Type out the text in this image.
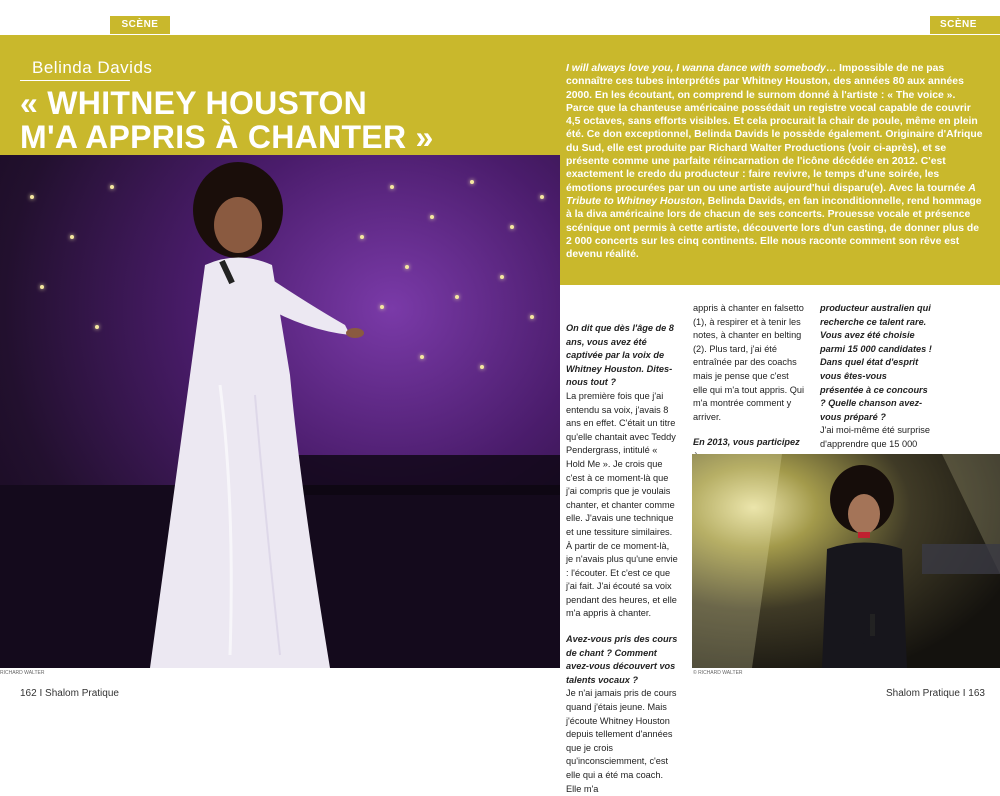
SCÈNE
Belinda Davids
« WHITNEY HOUSTON
M'A APPRIS À CHANTER »
RICHARD WALTER
162 I Shalom Pratique
SCÈNE
I will always love you, I wanna dance with somebody… Impossible de ne pas connaître ces tubes interprétés par Whitney Houston, des années 80 aux années 2000. En les écoutant, on comprend le surnom donné à l'artiste : « The voice ». Parce que la chanteuse américaine possédait un registre vocal capable de couvrir 4,5 octaves, sans efforts visibles. Et cela procurait la chair de poule, même en plein été. Ce don exceptionnel, Belinda Davids le possède également. Originaire d'Afrique du Sud, elle est produite par Richard Walter Productions (voir ci-après), et se présente comme une parfaite réincarnation de l'icône décédée en 2012. C'est exactement le credo du producteur : faire revivre, le temps d'une soirée, les émotions procurées par un ou une artiste aujourd'hui disparu(e). Avec la tournée A Tribute to Whitney Houston, Belinda Davids, en fan inconditionnelle, rend hommage à la diva américaine lors de chacun de ses concerts. Prouesse vocale et présence scénique ont permis à cette artiste, découverte lors d'un casting, de donner plus de 2 000 concerts sur les cinq continents. Elle nous raconte comment son rêve est devenu réalité.
On dit que dès l'âge de 8 ans, vous avez été captivée par la voix de Whitney Houston. Dites-nous tout ?
La première fois que j'ai entendu sa voix, j'avais 8 ans en effet. C'était un titre qu'elle chantait avec Teddy Pendergrass, intitulé « Hold Me ». Je crois que c'est à ce moment-là que j'ai compris que je voulais chanter, et chanter comme elle. J'avais une technique et une tessiture similaires. À partir de ce moment-là, je n'avais plus qu'une envie : l'écouter. Et c'est ce que j'ai fait. J'ai écouté sa voix pendant des heures, et elle m'a appris à chanter.
Avez-vous pris des cours de chant ? Comment avez-vous découvert vos talents vocaux ?
Je n'ai jamais pris de cours quand j'étais jeune. Mais j'écoute Whitney Houston depuis tellement d'années que je crois qu'inconsciemment, c'est elle qui a été ma coach. Elle m'a
appris à chanter en falsetto (1), à respirer et à tenir les notes, à chanter en belting (2). Plus tard, j'ai été entraînée par des coachs mais je pense que c'est elle qui m'a tout appris. Qui m'a montrée comment y arriver.
En 2013, vous participez
producteur australien qui recherche ce talent rare. Vous avez été choisie parmi 15 000 candidates ! Dans quel état d'esprit vous êtes-vous présentée à ce concours ? Quelle chanson avez-vous préparé ?
J'ai moi-même été surprise d'apprendre que 15 000
© RICHARD WALTER
Shalom Pratique I 163
